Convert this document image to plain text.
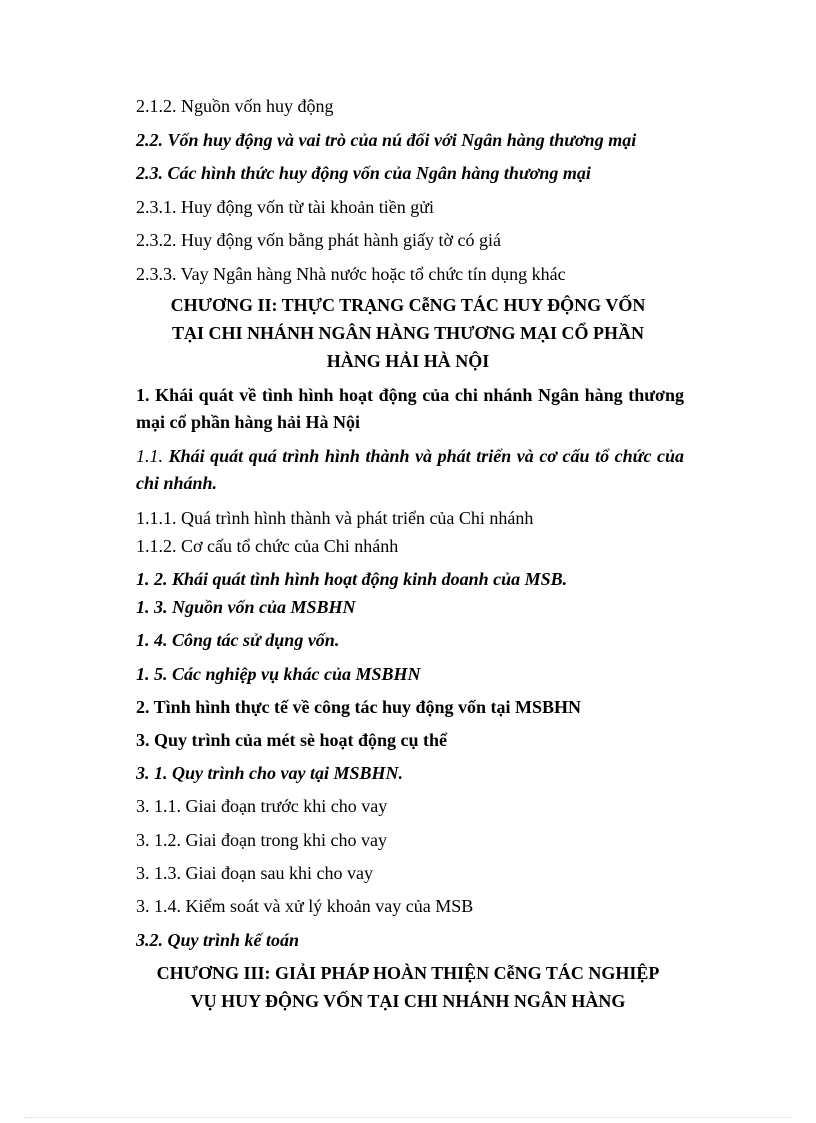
2.1.2. Nguồn vốn huy động
2.2. Vốn huy động và vai trò của nú đối với Ngân hàng thương mại
2.3. Các hình thức huy động vốn của Ngân hàng thương mại
2.3.1. Huy động vốn từ tài khoản tiền gửi
2.3.2. Huy động vốn bằng phát hành giấy tờ có giá
2.3.3. Vay Ngân hàng Nhà nước hoặc tổ chức tín dụng khác
CHƯƠNG II: THỰC TRẠNG CễNG TÁC HUY ĐỘNG VỐN
TẠI CHI NHÁNH NGÂN HÀNG THƯƠNG MẠI CỔ PHẦN
HÀNG HẢI HÀ NỘI
1. Khái quát về tình hình hoạt động của chi nhánh Ngân hàng thương mại cổ phần hàng hải Hà Nội
1.1. Khái quát quá trình hình thành và phát triển và cơ cấu tổ chức của chi nhánh.
1.1.1. Quá trình hình thành và phát triển của Chi nhánh
1.1.2. Cơ cấu tổ chức của Chi nhánh
1. 2. Khái quát tình hình hoạt động kinh doanh của MSB.
1. 3. Nguồn vốn của MSBHN
1. 4. Công tác sử dụng vốn.
1. 5. Các nghiệp vụ khác của MSBHN
2. Tình hình thực tế về công tác huy động vốn tại MSBHN
3. Quy trình của mét sè hoạt động cụ thể
3. 1. Quy trình cho vay tại MSBHN.
3. 1.1. Giai đoạn trước khi cho vay
3. 1.2. Giai đoạn trong khi cho vay
3. 1.3. Giai đoạn sau khi cho vay
3. 1.4. Kiểm soát và xử lý khoản vay của MSB
3.2. Quy trình kế toán
CHƯƠNG III: GIẢI PHÁP HOÀN THIỆN CễNG TÁC NGHIỆP
VỤ HUY ĐỘNG VỐN TẠI CHI NHÁNH NGÂN HÀNG
